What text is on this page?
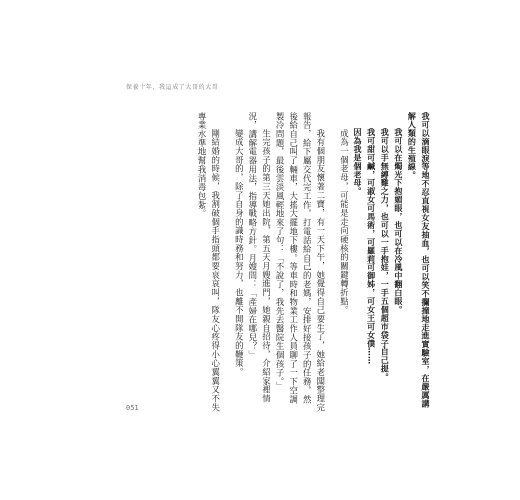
保養十年，我這成了大哥的大哥

我可以滴眼淚等地不忍直視女友抽血，也可以笑不攔撞地走進實驗室，在嚴厲講解人類的生殖線。

我可以在燭光下抱媚眼，也可以在冷風中翻白眼。

我可以手無縛雞之力，也可以一手抱娃，一手五個超市袋子自己提。

我可甜可鹹，可淑女可馬術，可羅莉可御姊，可女王可女僕……

因為我是個老母。

成為一個老母，可能是走向硬核的關鍵轉折點。

我有個朋友懷著二寶，有一天下午，她覺得自己要生了，她給老闆整理完報告，給下屬交代完工作，打電話給自己的老媽，安排好接孩子的任務，然後給自己叫了輛車，大搖大擺地下樓。等車時和物業工作人員聊了一下空調製冷問題，最後雲淡風輕地來了句：「不說了，我先去醫院生個孩子。」

生完孩子的第三天她出院，第五天月嫂進門，她親自招待，介紹家裡情況，講解電器用法，指導戰略方針。月嫂問：「產婦在哪兒？」

變成大哥的，除了自身的識時務和努力，也離不開隊友的鞭策。

剛結婚的時候，我割破個手指頭都要哀哀叫，隊友心疼得小心翼翼又不失專業水準地幫我消毒包紮。

051
